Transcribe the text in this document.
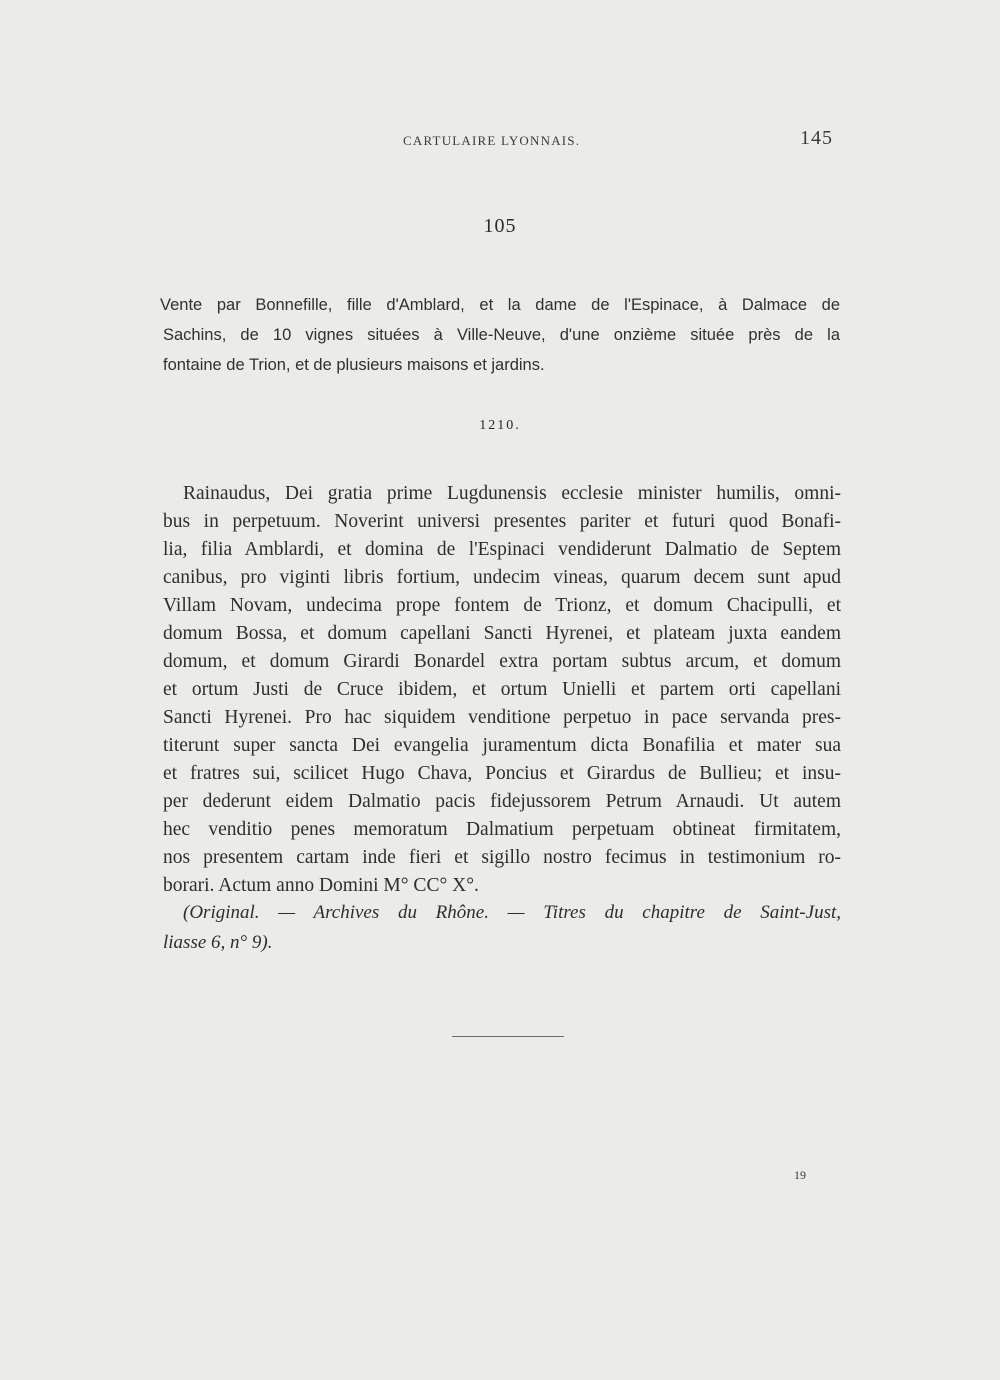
CARTULAIRE LYONNAIS.	145
105
Vente par Bonnefille, fille d'Amblard, et la dame de l'Espinace, à Dalmace de
Sachins, de 10 vignes situées à Ville-Neuve, d'une onzième située près de la
fontaine de Trion, et de plusieurs maisons et jardins.
1210.
Rainaudus, Dei gratia prime Lugdunensis ecclesie minister humilis, omni-
bus in perpetuum. Noverint universi presentes pariter et futuri quod Bonafi-
lia, filia Amblardi, et domina de l'Espinaci vendiderunt Dalmatio de Septem
canibus, pro viginti libris fortium, undecim vineas, quarum decem sunt apud
Villam Novam, undecima prope fontem de Trionz, et domum Chacipulli, et
domum Bossa, et domum capellani Sancti Hyrenei, et plateam juxta eandem
domum, et domum Girardi Bonardel extra portam subtus arcum, et domum
et ortum Justi de Cruce ibidem, et ortum Unielli et partem orti capellani
Sancti Hyrenei. Pro hac siquidem venditione perpetuo in pace servanda pres-
titerunt super sancta Dei evangelia juramentum dicta Bonafilia et mater sua
et fratres sui, scilicet Hugo Chava, Poncius et Girardus de Bullieu; et insu-
per dederunt eidem Dalmatio pacis fidejussorem Petrum Arnaudi. Ut autem
hec venditio penes memoratum Dalmatium perpetuam obtineat firmitatem,
nos presentem cartam inde fieri et sigillo nostro fecimus in testimonium ro-
borari. Actum anno Domini M° CC° X°.
(Original. — Archives du Rhône. — Titres du chapitre de Saint-Just,
liasse 6, n° 9).
19
